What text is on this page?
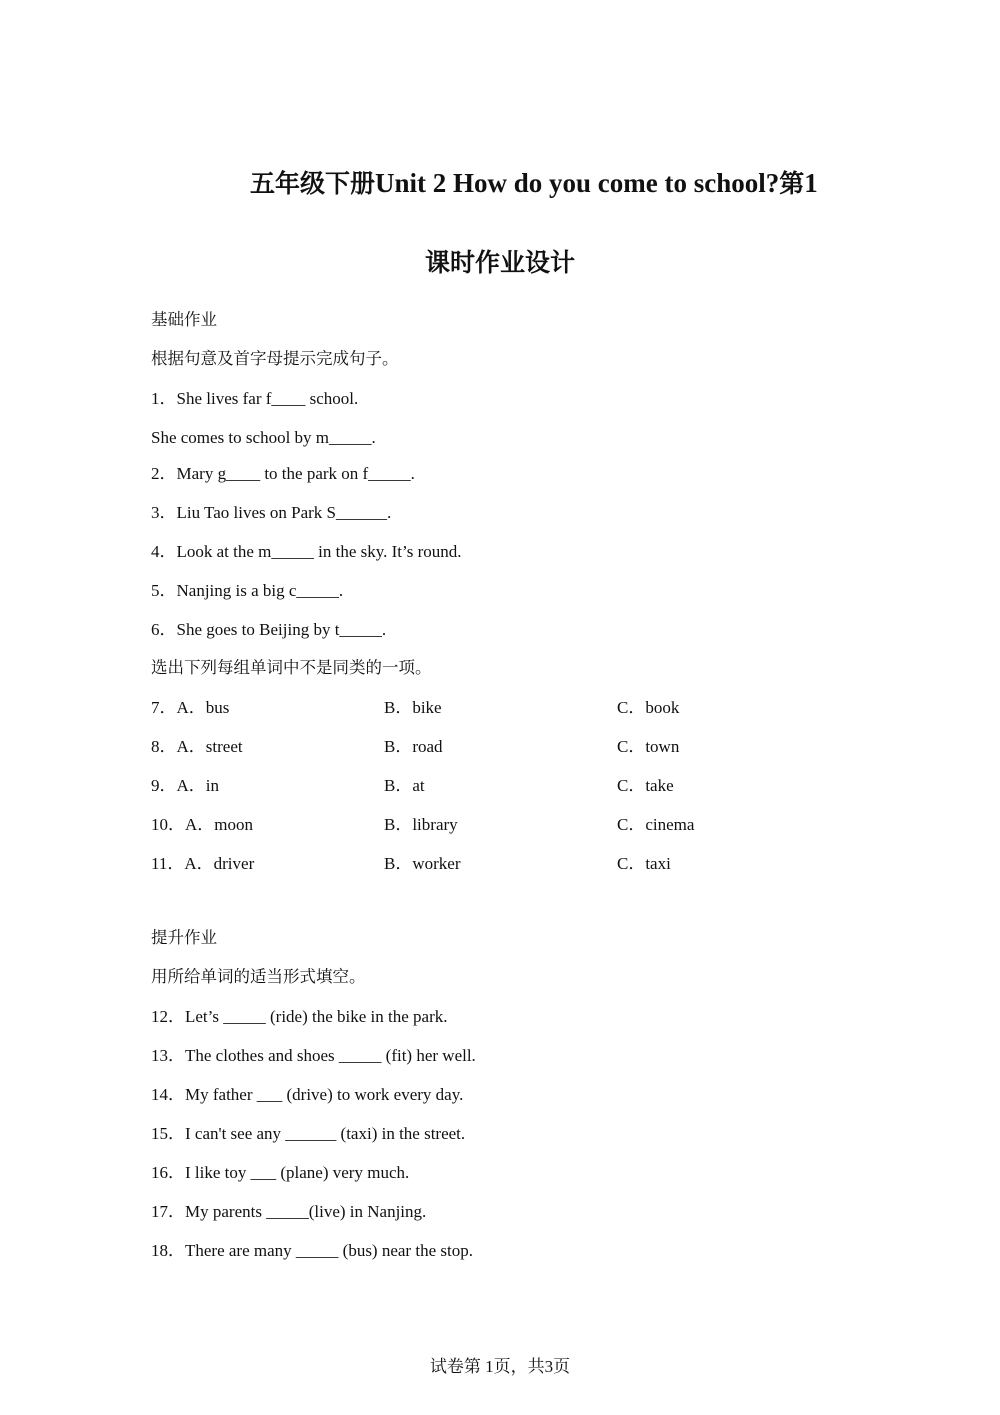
五年级下册Unit 2 How do you come to school?第1
课时作业设计
基础作业
根据句意及首字母提示完成句子。
1．She lives far f____ school.
She comes to school by m_____.
2．Mary g____ to the park on f_____.
3．Liu Tao lives on Park S______.
4．Look at the m_____ in the sky. It’s round.
5．Nanjing is a big c_____.
6．She goes to Beijing by t_____.
选出下列每组单词中不是同类的一项。
7．A．bus	B．bike	C．book
8．A．street	B．road	C．town
9．A．in	B．at	C．take
10．A．moon	B．library	C．cinema
11．A．driver	B．worker	C．taxi
提升作业
用所给单词的适当形式填空。
12．Let’s _____ (ride) the bike in the park.
13．The clothes and shoes _____ (fit) her well.
14．My father ___ (drive) to work every day.
15．I can't see any ______ (taxi) in the street.
16．I like toy ___ (plane) very much.
17．My parents _____(live) in Nanjing.
18．There are many _____ (bus) near the stop.
试卷第 1页，共3页
